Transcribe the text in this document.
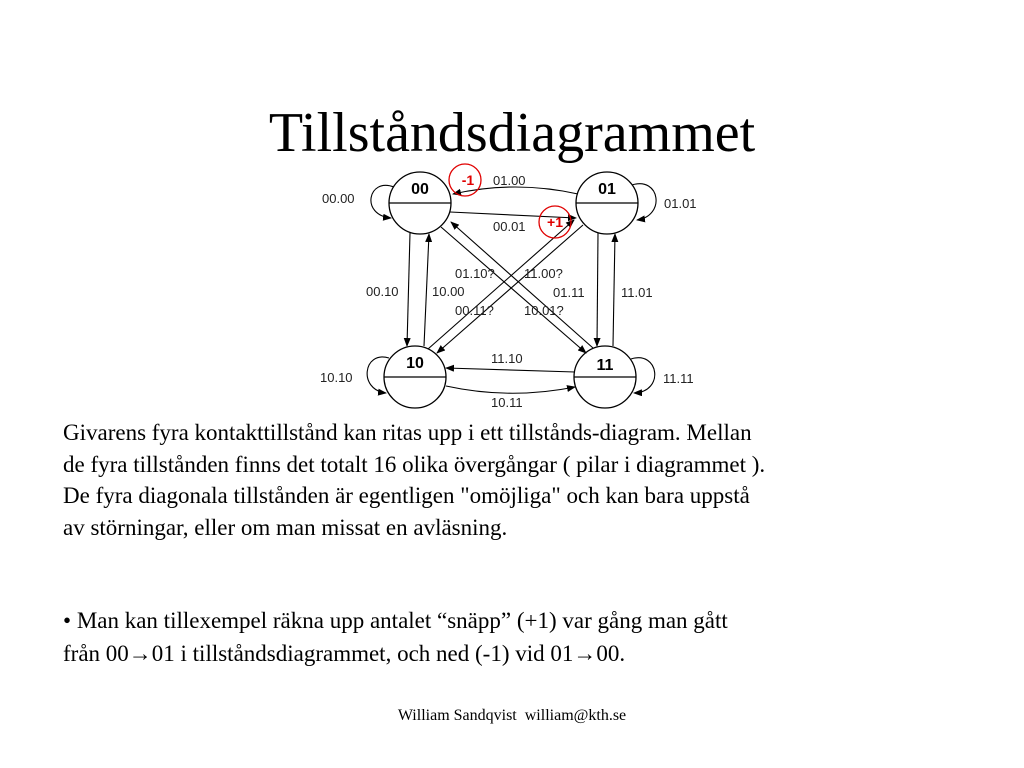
Tillståndsdiagrammet
00	01
10	11
-1
+1
00.00
01.00
00.01
01.01
00.10	10.00
01.10? 11.00?
00.11? 10.01?
01.11	11.01
11.10
10.10
10.11
11.11
Givarens fyra kontakttillstånd kan ritas upp i ett tillstånds-diagram. Mellan
de fyra tillstånden finns det totalt 16 olika övergångar ( pilar i diagrammet ).
De fyra diagonala tillstånden är egentligen "omöjliga" och kan bara uppstå
av störningar, eller om man missat en avläsning.
• Man kan tillexempel räkna upp antalet “snäpp” (+1) var gång man gått
från 00→01 i tillståndsdiagrammet, och ned (-1) vid 01→00.
William Sandqvist william@kth.se
